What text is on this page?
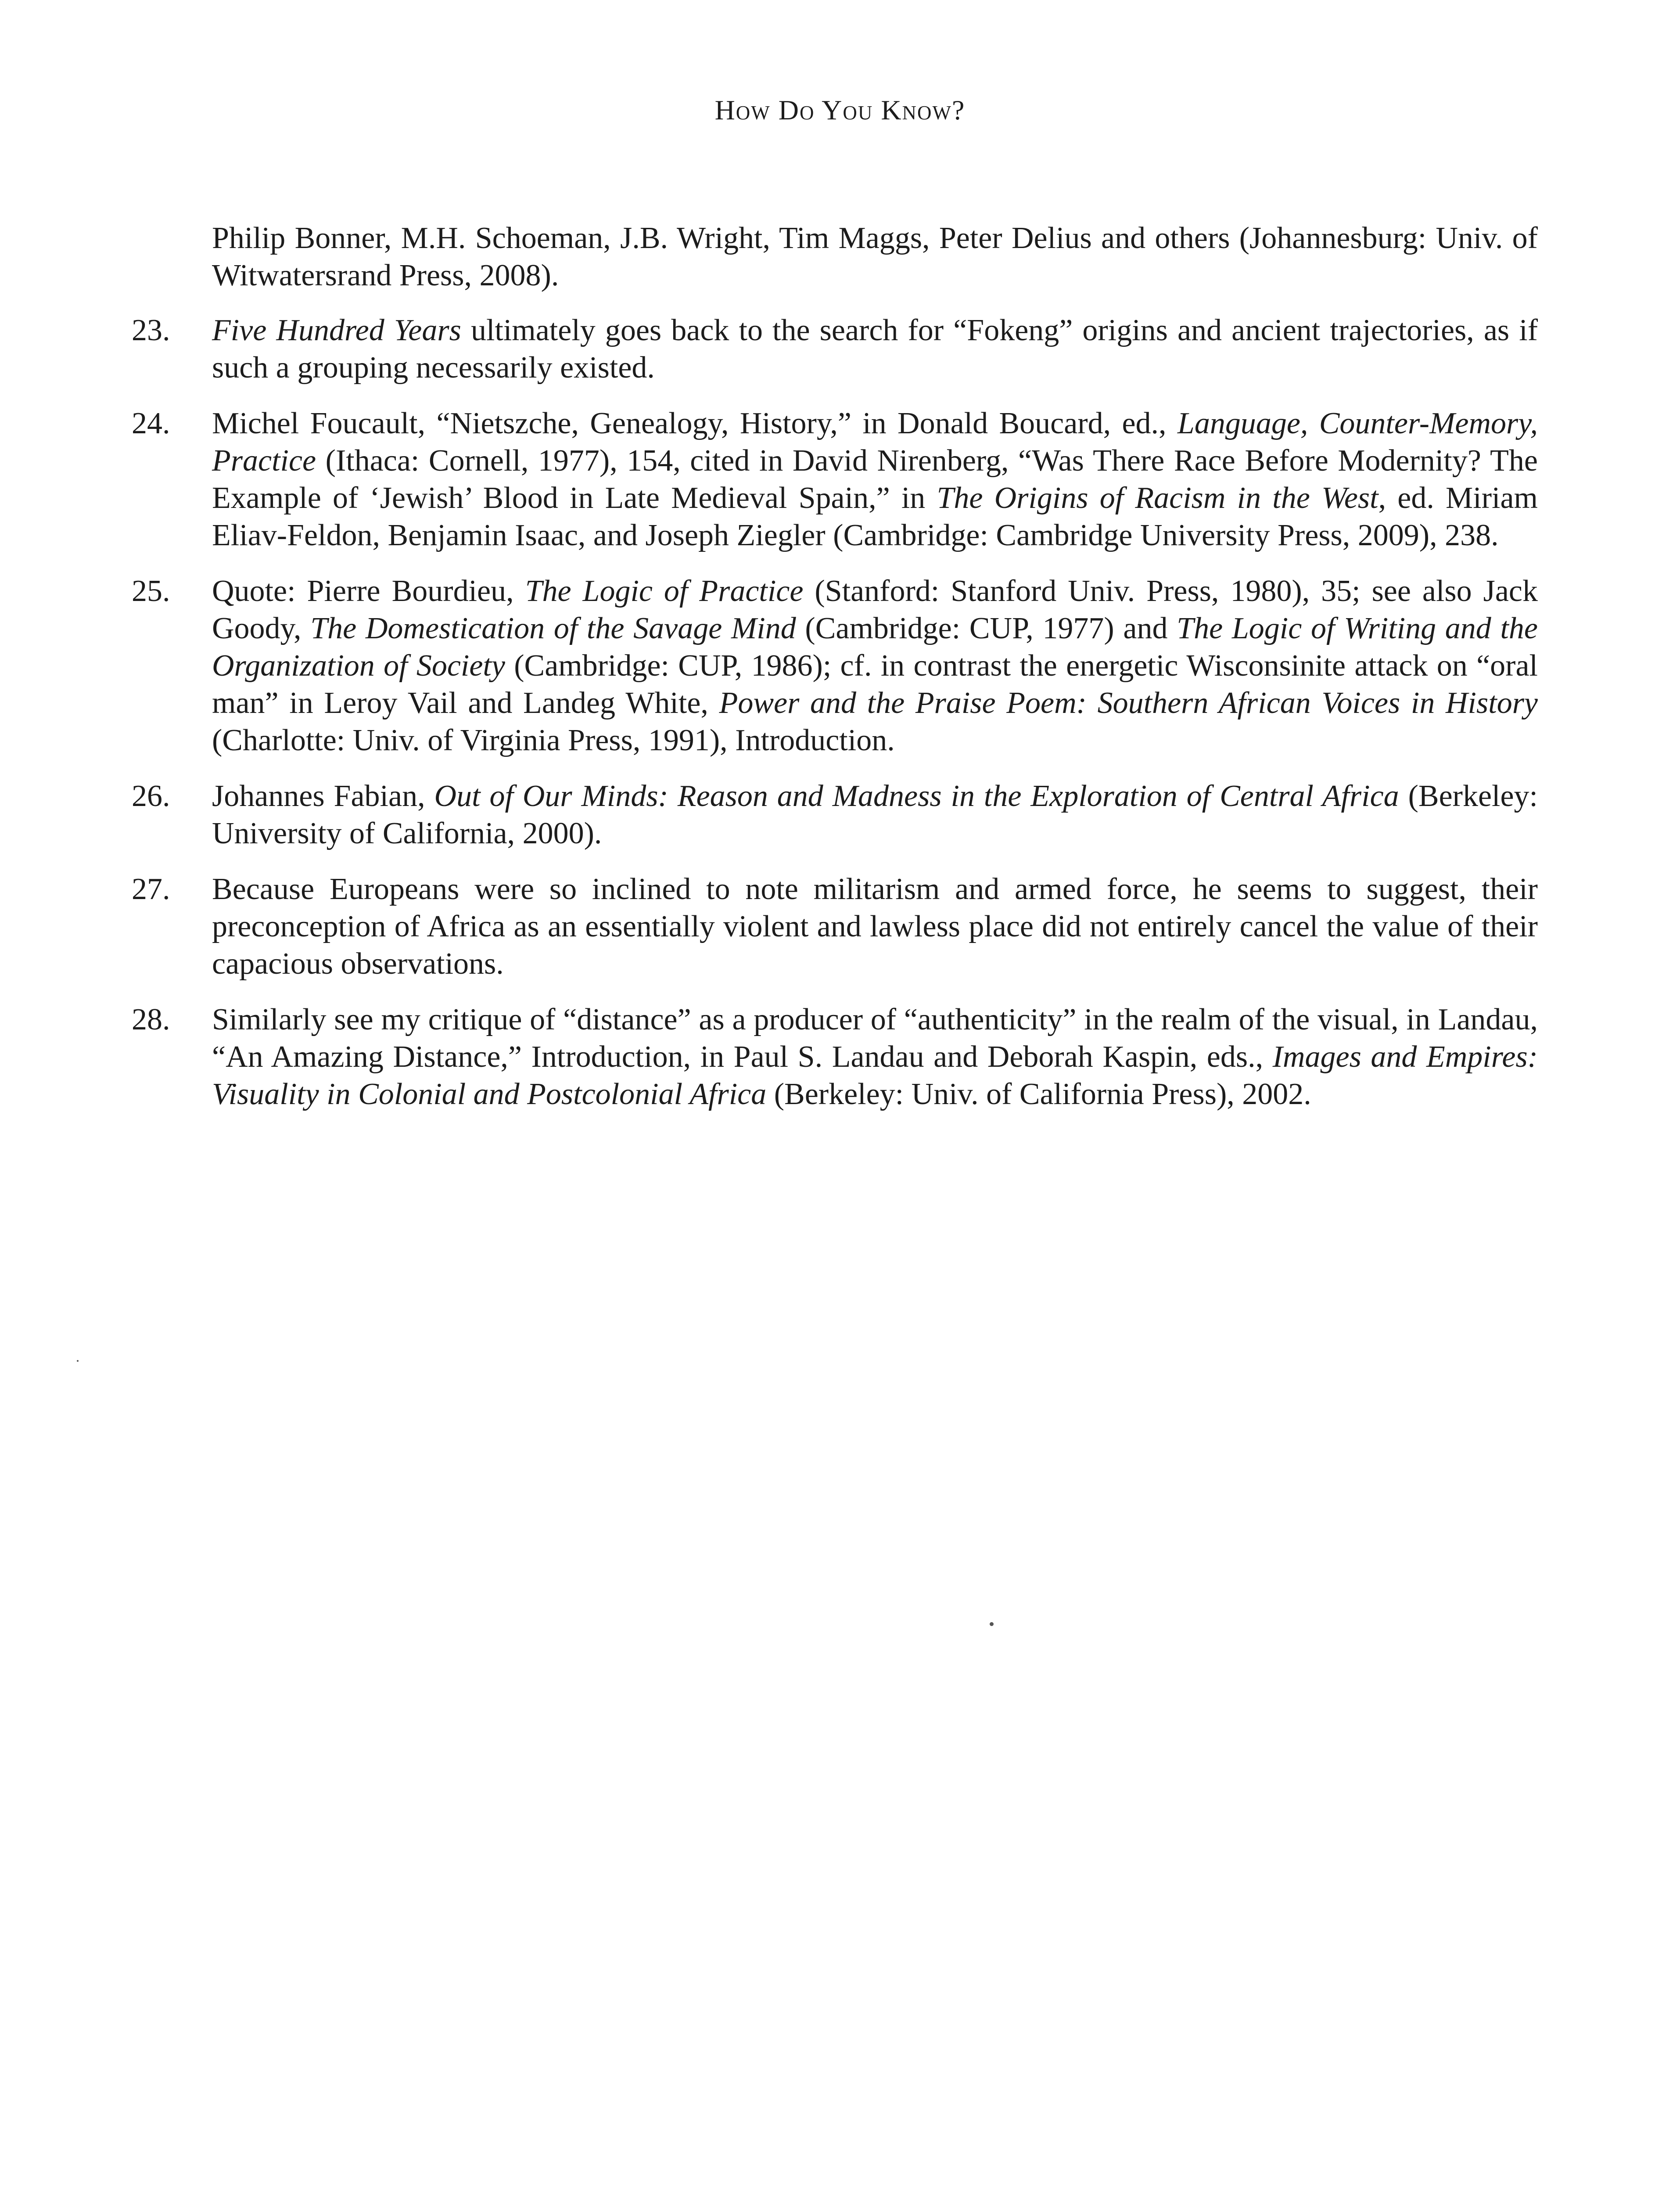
How Do You Know?

Philip Bonner, M.H. Schoeman, J.B. Wright, Tim Maggs, Peter Delius and others (Johannesburg: Univ. of Witwatersrand Press, 2008).

23.	Five Hundred Years ultimately goes back to the search for “Fokeng” origins and ancient trajectories, as if such a grouping necessarily existed.

24.	Michel Foucault, “Nietszche, Genealogy, History,” in Donald Boucard, ed., Language, Counter-Memory, Practice (Ithaca: Cornell, 1977), 154, cited in David Nirenberg, “Was There Race Before Modernity? The Example of ‘Jewish’ Blood in Late Medieval Spain,” in The Origins of Racism in the West, ed. Miriam Eliav-Feldon, Benjamin Isaac, and Joseph Ziegler (Cambridge: Cambridge University Press, 2009), 238.

25.	Quote: Pierre Bourdieu, The Logic of Practice (Stanford: Stanford Univ. Press, 1980), 35; see also Jack Goody, The Domestication of the Savage Mind (Cambridge: CUP, 1977) and The Logic of Writing and the Organization of Society (Cambridge: CUP, 1986); cf. in contrast the energetic Wisconsinite attack on “oral man” in Leroy Vail and Landeg White, Power and the Praise Poem: Southern African Voices in History (Charlotte: Univ. of Virginia Press, 1991), Introduction.

26.	Johannes Fabian, Out of Our Minds: Reason and Madness in the Exploration of Central Africa (Berkeley: University of California, 2000).

27.	Because Europeans were so inclined to note militarism and armed force, he seems to suggest, their preconception of Africa as an essentially violent and lawless place did not entirely cancel the value of their capacious observations.

28.	Similarly see my critique of “distance” as a producer of “authenticity” in the realm of the visual, in Landau, “An Amazing Distance,” Introduction, in Paul S. Landau and Deborah Kaspin, eds., Images and Empires: Visuality in Colonial and Postcolonial Africa (Berkeley: Univ. of California Press), 2002.
